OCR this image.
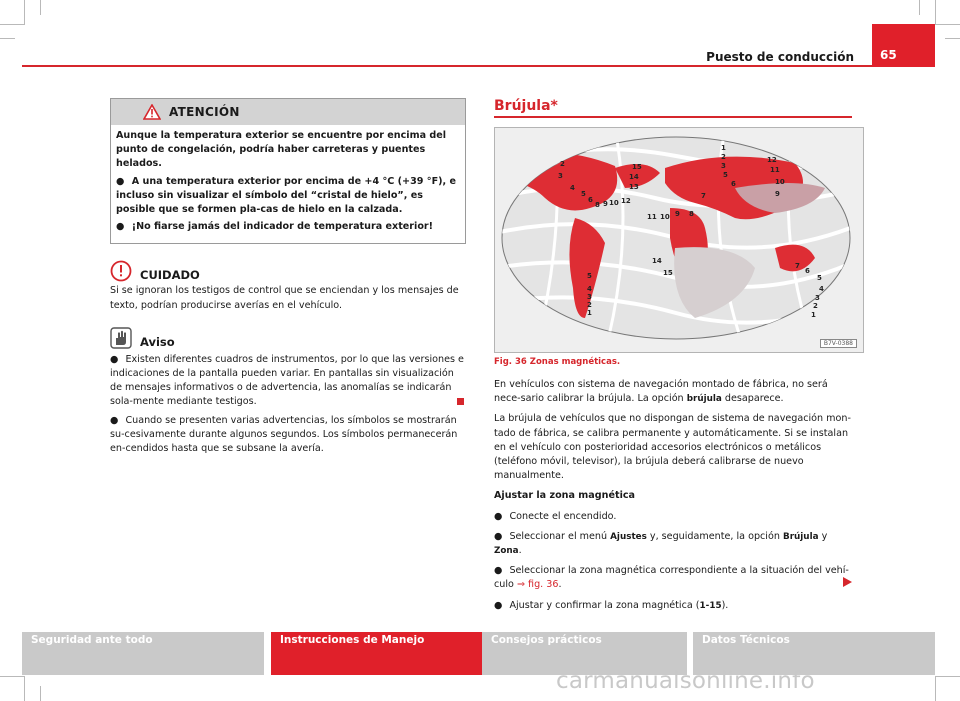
Puesto de conducción	65
ATENCIÓN

Aunque la temperatura exterior se encuentre por encima del punto de congelación, podría haber carreteras y puentes helados.

● A una temperatura exterior por encima de +4 °C (+39 °F), e incluso sin visualizar el símbolo del “cristal de hielo”, es posible que se formen pla-cas de hielo en la calzada.

● ¡No fiarse jamás del indicador de temperatura exterior!

CUIDADO

Si se ignoran los testigos de control que se enciendan y los mensajes de texto, podrían producirse averías en el vehículo.

Aviso

● Existen diferentes cuadros de instrumentos, por lo que las versiones e indicaciones de la pantalla pueden variar. En pantallas sin visualización de mensajes informativos o de advertencia, las anomalías se indicarán sola-mente mediante testigos.

● Cuando se presenten varias advertencias, los símbolos se mostrarán su-cesivamente durante algunos segundos. Los símbolos permanecerán en-cendidos hasta que se subsane la avería.

Brújula*
1
2
3
5
6
7
8
9
10
11
12
11
10
9
15
14
13
12
2
3
4
5
6
8 9 10
14
15
5
4
3
2
1
7
6
5
4
3
2
1
B7V-0388
Fig. 36 Zonas magnéticas.

En vehículos con sistema de navegación montado de fábrica, no será nece-sario calibrar la brújula. La opción brújula desaparece.

La brújula de vehículos que no dispongan de sistema de navegación mon-tado de fábrica, se calibra permanente y automáticamente. Si se instalan en el vehículo con posterioridad accesorios electrónicos o metálicos (teléfono móvil, televisor), la brújula deberá calibrarse de nuevo manualmente.

Ajustar la zona magnética

● Conecte el encendido.

● Seleccionar el menú Ajustes y, seguidamente, la opción Brújula y Zona.

● Seleccionar la zona magnética correspondiente a la situación del vehí-culo ⇒ fig. 36.

● Ajustar y confirmar la zona magnética (1-15).

Seguridad ante todo	Instrucciones de Manejo	Consejos prácticos	Datos Técnicos
carmanualsonline.info
